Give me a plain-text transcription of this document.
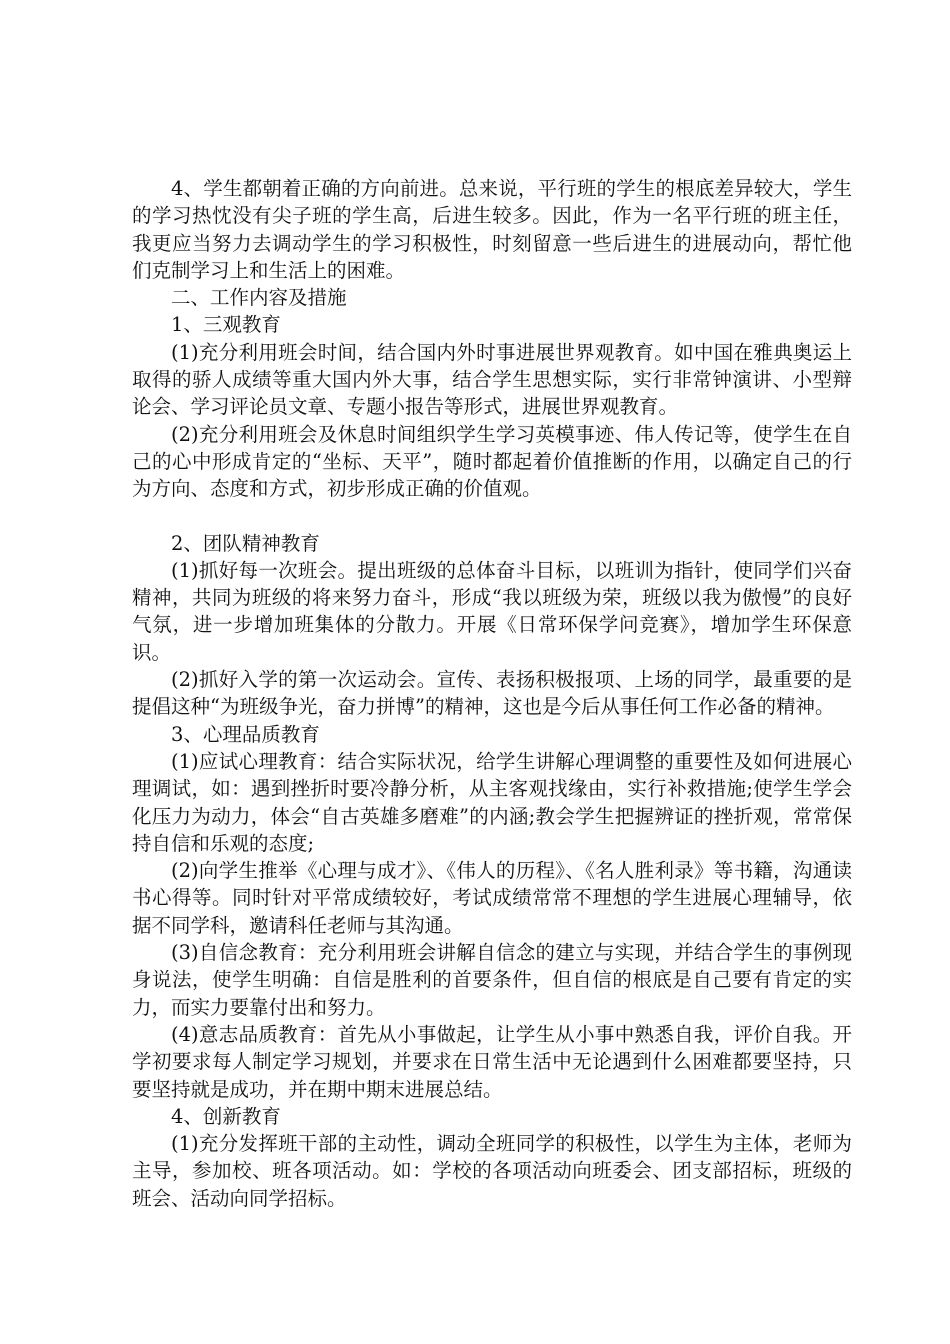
4、学生都朝着正确的方向前进。总来说，平行班的学生的根底差异较大，学生的学习热忱没有尖子班的学生高，后进生较多。因此，作为一名平行班的班主任，我更应当努力去调动学生的学习积极性，时刻留意一些后进生的进展动向，帮忙他们克制学习上和生活上的困难。

二、工作内容及措施

1、三观教育

(1)充分利用班会时间，结合国内外时事进展世界观教育。如中国在雅典奥运上取得的骄人成绩等重大国内外大事，结合学生思想实际，实行非常钟演讲、小型辩论会、学习评论员文章、专题小报告等形式，进展世界观教育。

(2)充分利用班会及休息时间组织学生学习英模事迹、伟人传记等，使学生在自己的心中形成肯定的“坐标、天平”，随时都起着价值推断的作用，以确定自己的行为方向、态度和方式，初步形成正确的价值观。

2、团队精神教育

(1)抓好每一次班会。提出班级的总体奋斗目标，以班训为指针，使同学们兴奋精神，共同为班级的将来努力奋斗，形成“我以班级为荣，班级以我为傲慢”的良好气氛，进一步增加班集体的分散力。开展《日常环保学问竞赛》，增加学生环保意识。

(2)抓好入学的第一次运动会。宣传、表扬积极报项、上场的同学，最重要的是提倡这种“为班级争光，奋力拼博”的精神，这也是今后从事任何工作必备的精神。

3、心理品质教育

(1)应试心理教育：结合实际状况，给学生讲解心理调整的重要性及如何进展心理调试，如：遇到挫折时要冷静分析，从主客观找缘由，实行补救措施;使学生学会化压力为动力，体会“自古英雄多磨难”的内涵;教会学生把握辨证的挫折观，常常保持自信和乐观的态度;

(2)向学生推举《心理与成才》、《伟人的历程》、《名人胜利录》等书籍，沟通读书心得等。同时针对平常成绩较好，考试成绩常常不理想的学生进展心理辅导，依据不同学科，邀请科任老师与其沟通。

(3)自信念教育：充分利用班会讲解自信念的建立与实现，并结合学生的事例现身说法，使学生明确：自信是胜利的首要条件，但自信的根底是自己要有肯定的实力，而实力要靠付出和努力。

(4)意志品质教育：首先从小事做起，让学生从小事中熟悉自我，评价自我。开学初要求每人制定学习规划，并要求在日常生活中无论遇到什么困难都要坚持，只要坚持就是成功，并在期中期末进展总结。

4、创新教育

(1)充分发挥班干部的主动性，调动全班同学的积极性，以学生为主体，老师为主导，参加校、班各项活动。如：学校的各项活动向班委会、团支部招标，班级的班会、活动向同学招标。
